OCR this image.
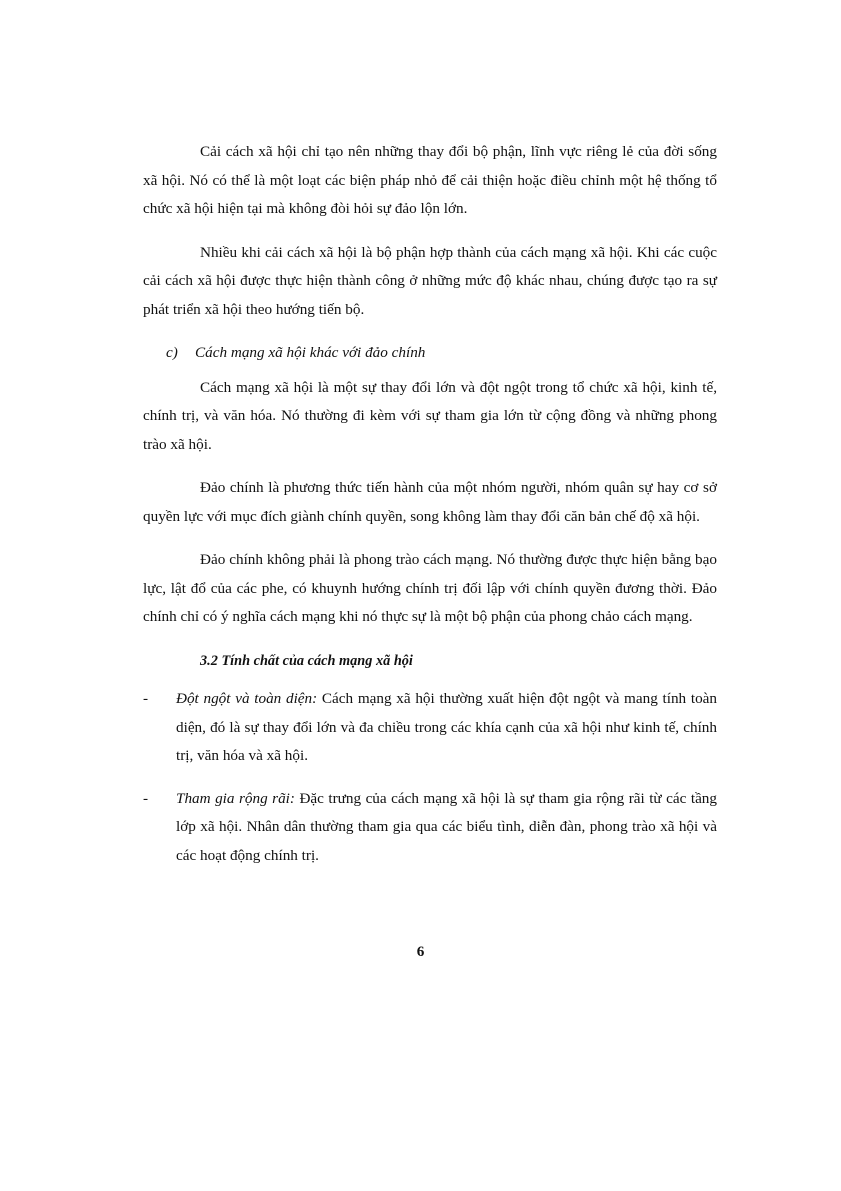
Cải cách xã hội chỉ tạo nên những thay đổi bộ phận, lĩnh vực riêng lẻ của đời sống xã hội. Nó có thể là một loạt các biện pháp nhỏ để cải thiện hoặc điều chỉnh một hệ thống tổ chức xã hội hiện tại mà không đòi hỏi sự đảo lộn lớn.

Nhiều khi cải cách xã hội là bộ phận hợp thành của cách mạng xã hội. Khi các cuộc cải cách xã hội được thực hiện thành công ở những mức độ khác nhau, chúng được tạo ra sự phát triển xã hội theo hướng tiến bộ.

c) Cách mạng xã hội khác với đảo chính

Cách mạng xã hội là một sự thay đổi lớn và đột ngột trong tổ chức xã hội, kinh tế, chính trị, và văn hóa. Nó thường đi kèm với sự tham gia lớn từ cộng đồng và những phong trào xã hội.

Đảo chính là phương thức tiến hành của một nhóm người, nhóm quân sự hay cơ sở quyền lực với mục đích giành chính quyền, song không làm thay đổi căn bản chế độ xã hội.

Đảo chính không phải là phong trào cách mạng. Nó thường được thực hiện bằng bạo lực, lật đổ của các phe, có khuynh hướng chính trị đối lập với chính quyền đương thời. Đảo chính chỉ có ý nghĩa cách mạng khi nó thực sự là một bộ phận của phong chảo cách mạng.

3.2 Tính chất của cách mạng xã hội

- Đột ngột và toàn diện: Cách mạng xã hội thường xuất hiện đột ngột và mang tính toàn diện, đó là sự thay đổi lớn và đa chiều trong các khía cạnh của xã hội như kinh tế, chính trị, văn hóa và xã hội.
- Tham gia rộng rãi: Đặc trưng của cách mạng xã hội là sự tham gia rộng rãi từ các tầng lớp xã hội. Nhân dân thường tham gia qua các biểu tình, diễn đàn, phong trào xã hội và các hoạt động chính trị.
6
